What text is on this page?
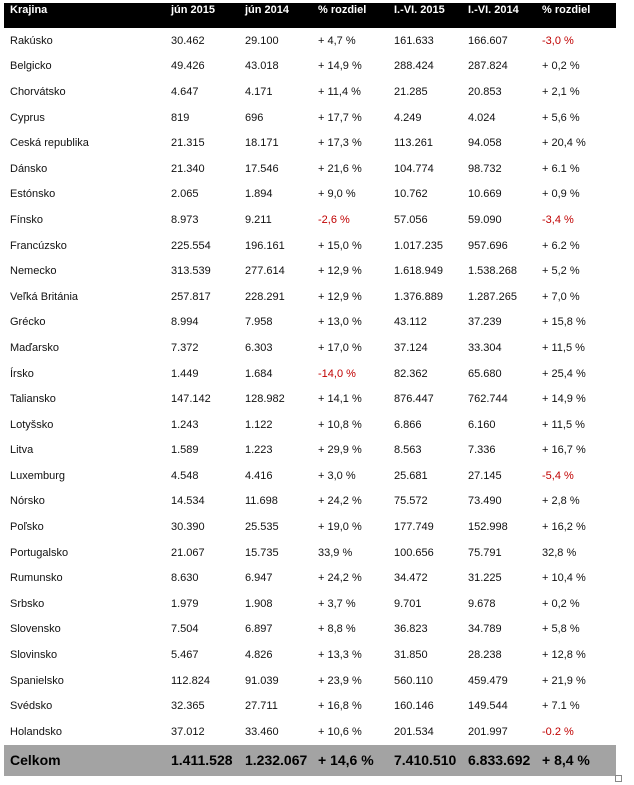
Krajina	jún 2015	jún 2014	% rozdiel	I.-VI. 2015	I.-VI. 2014	% rozdiel
Rakúsko	30.462	29.100	+ 4,7 %	161.633	166.607	-3,0 %
Belgicko	49.426	43.018	+ 14,9 %	288.424	287.824	+ 0,2 %
Chorvátsko	4.647	4.171	+ 11,4 %	21.285	20.853	+ 2,1 %
Cyprus	819	696	+ 17,7 %	4.249	4.024	+ 5,6 %
Ceská republika	21.315	18.171	+ 17,3 %	113.261	94.058	+ 20,4 %
Dánsko	21.340	17.546	+ 21,6 %	104.774	98.732	+ 6.1 %
Estónsko	2.065	1.894	+ 9,0 %	10.762	10.669	+ 0,9 %
Fínsko	8.973	9.211	-2,6 %	57.056	59.090	-3,4 %
Francúzsko	225.554	196.161	+ 15,0 %	1.017.235	957.696	+ 6.2 %
Nemecko	313.539	277.614	+ 12,9 %	1.618.949	1.538.268	+ 5,2 %
Veľká Británia	257.817	228.291	+ 12,9 %	1.376.889	1.287.265	+ 7,0 %
Grécko	8.994	7.958	+ 13,0 %	43.112	37.239	+ 15,8 %
Maďarsko	7.372	6.303	+ 17,0 %	37.124	33.304	+ 11,5 %
Írsko	1.449	1.684	-14,0 %	82.362	65.680	+ 25,4 %
Taliansko	147.142	128.982	+ 14,1 %	876.447	762.744	+ 14,9 %
Lotyšsko	1.243	1.122	+ 10,8 %	6.866	6.160	+ 11,5 %
Litva	1.589	1.223	+ 29,9 %	8.563	7.336	+ 16,7 %
Luxemburg	4.548	4.416	+ 3,0 %	25.681	27.145	-5,4 %
Nórsko	14.534	11.698	+ 24,2 %	75.572	73.490	+ 2,8 %
Poľsko	30.390	25.535	+ 19,0 %	177.749	152.998	+ 16,2 %
Portugalsko	21.067	15.735	33,9 %	100.656	75.791	32,8 %
Rumunsko	8.630	6.947	+ 24,2 %	34.472	31.225	+ 10,4 %
Srbsko	1.979	1.908	+ 3,7 %	9.701	9.678	+ 0,2 %
Slovensko	7.504	6.897	+ 8,8 %	36.823	34.789	+ 5,8 %
Slovinsko	5.467	4.826	+ 13,3 %	31.850	28.238	+ 12,8 %
Spanielsko	112.824	91.039	+ 23,9 %	560.110	459.479	+ 21,9 %
Svédsko	32.365	27.711	+ 16,8 %	160.146	149.544	+ 7.1 %
Holandsko	37.012	33.460	+ 10,6 %	201.534	201.997	-0.2 %
Celkom	1.411.528	1.232.067	+ 14,6 %	7.410.510	6.833.692	+ 8,4 %
